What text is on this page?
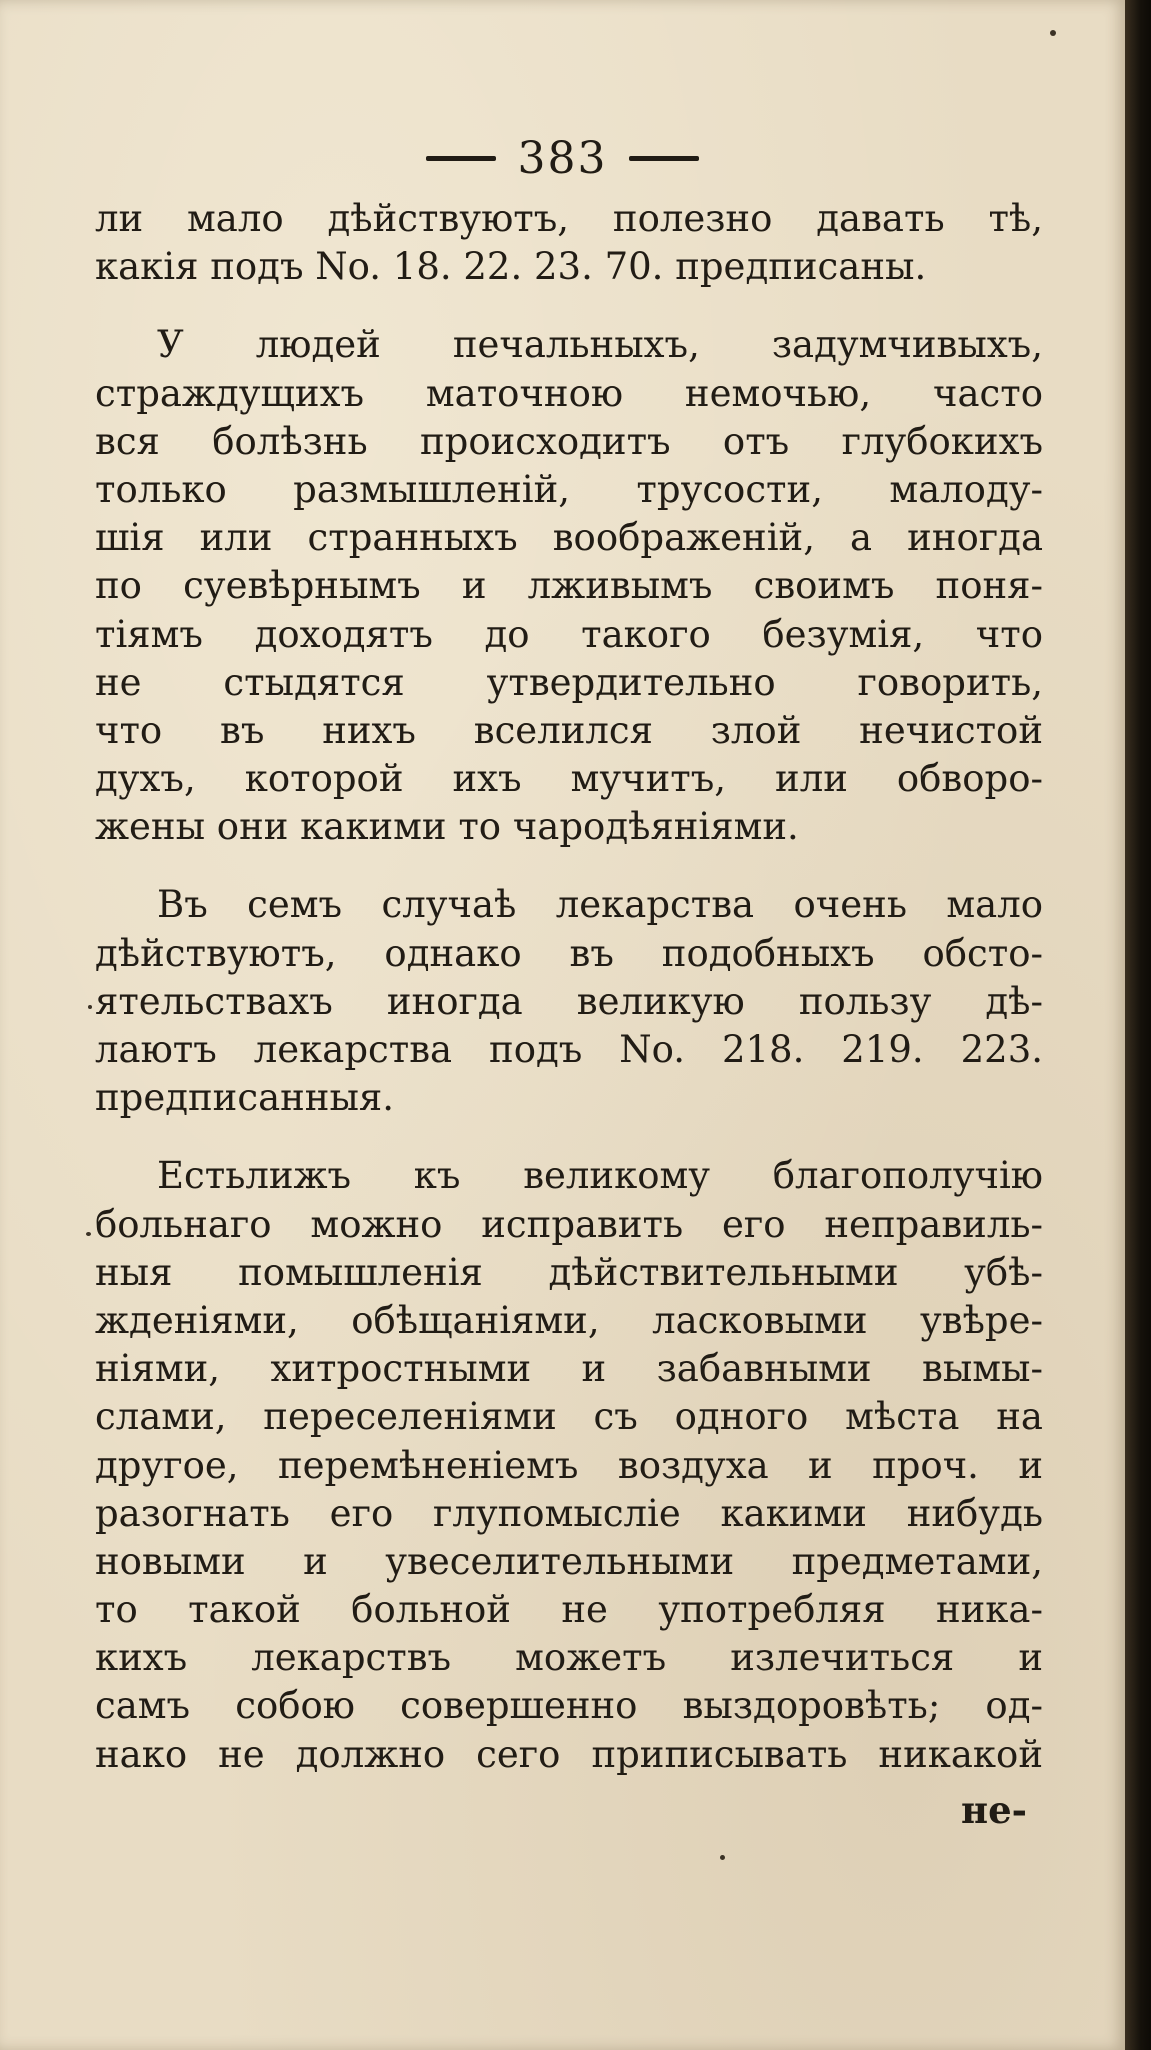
383
ли мало дѣйствуютъ, полезно давать тѣ,
какія подъ No. 18. 22. 23. 70. предписаны.
У людей печальныхъ, задумчивыхъ,
страждущихъ маточною немочью, часто
вся болѣзнь происходитъ отъ глубокихъ
только размышленій, трусости, малоду-
шія или странныхъ воображеній, а иногда
по суевѣрнымъ и лживымъ своимъ поня-
тіямъ доходятъ до такого безумія, что
не стыдятся утвердительно говорить,
что въ нихъ вселился злой нечистой
духъ, которой ихъ мучитъ, или обворо-
жены они какими то чародѣяніями.
Въ семъ случаѣ лекарства очень мало
дѣйствуютъ, однако въ подобныхъ обсто-
ятельствахъ иногда великую пользу дѣ-
лаютъ лекарства подъ No. 218. 219. 223.
предписанныя.
Естьлижъ къ великому благополучію
больнаго можно исправить его неправиль-
ныя помышленія дѣйствительными убѣ-
жденіями, обѣщаніями, ласковыми увѣре-
ніями, хитростными и забавными вымы-
слами, переселеніями съ одного мѣста на
другое, перемѣненіемъ воздуха и проч. и
разогнать его глупомысліе какими нибудь
новыми и увеселительными предметами,
то такой больной не употребляя никa-
кихъ лекарствъ можетъ излечиться и
самъ собою совершенно выздоровѣть; од-
нако не должно сего приписывать никакой
не-
